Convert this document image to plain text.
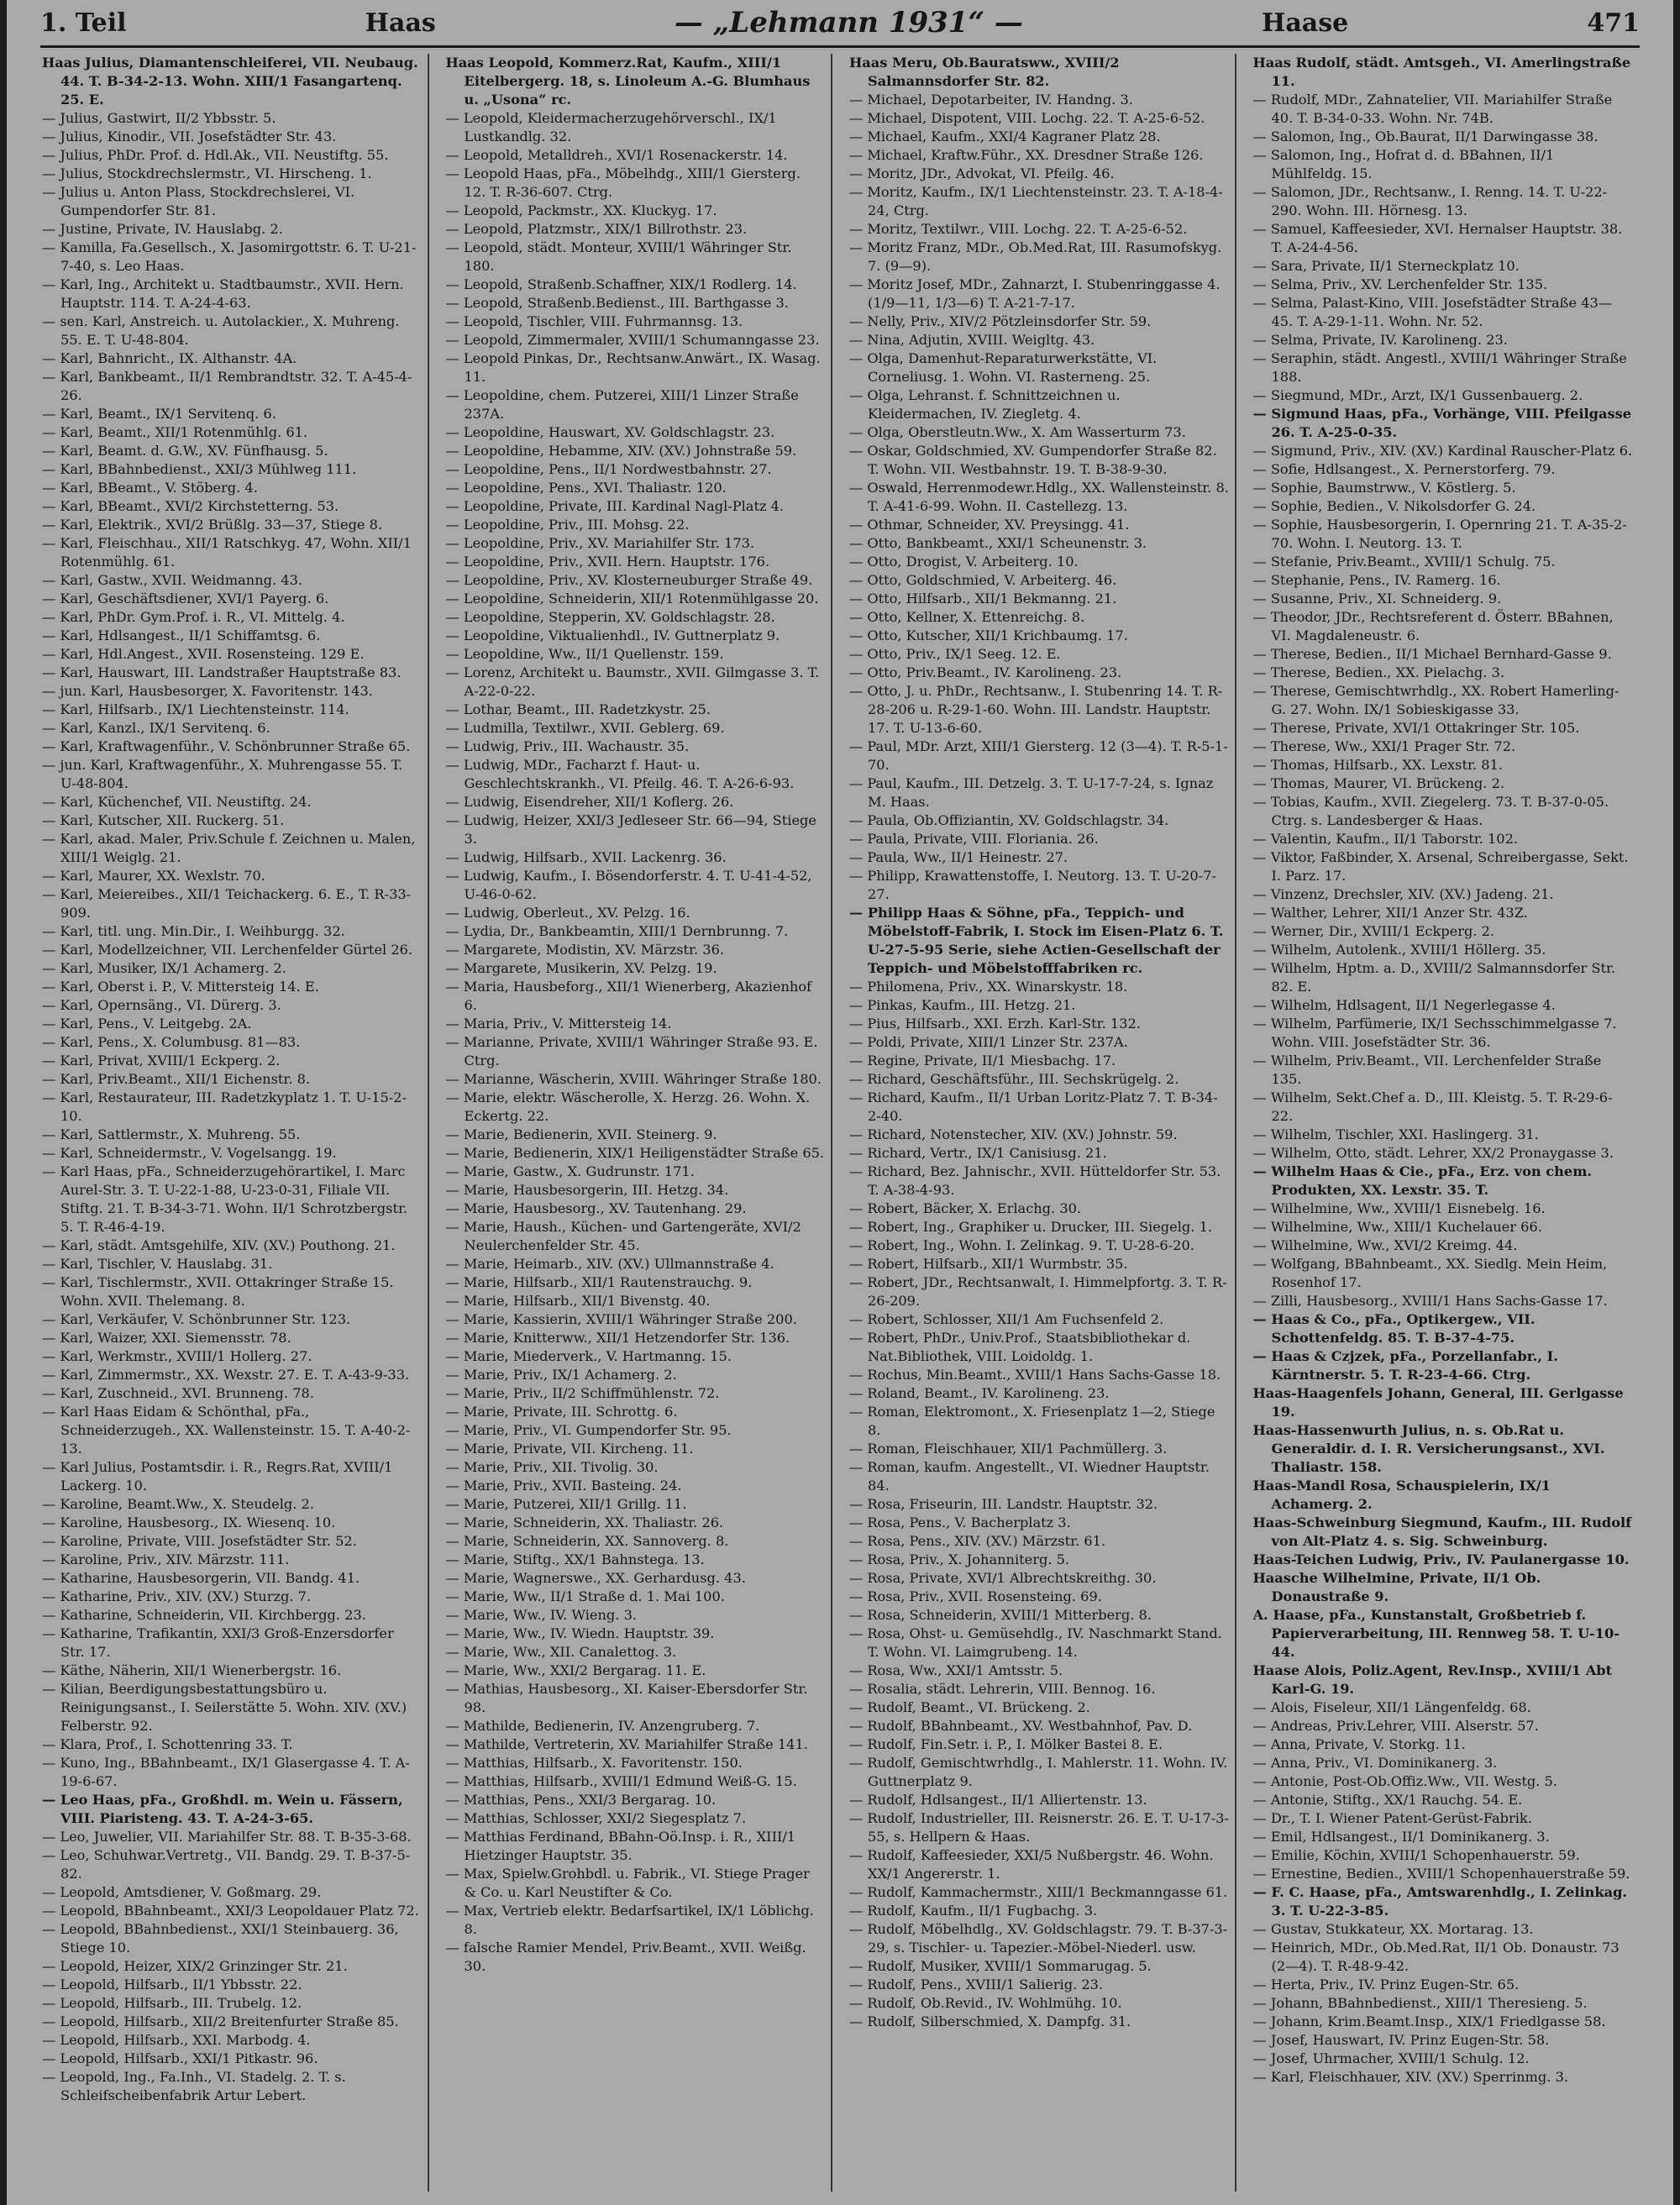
1. Teil	Haas	— „Lehmann 1931“ —	Haase	471

Haas Julius, Diamantenschleiferei, VII. Neubaug. 44. T. B-34-2-13. Wohn. XIII/1 Fasangartenq. 25. E.

— Julius, Gastwirt, II/2 Ybbsstr. 5.

— Julius, Kinodir., VII. Josefstädter Str. 43.

— Julius, PhDr. Prof. d. Hdl.Ak., VII. Neustiftg. 55.

— Julius, Stockdrechslermstr., VI. Hirscheng. 1.

— Julius u. Anton Plass, Stockdrechslerei, VI. Gumpendorfer Str. 81.

— Justine, Private, IV. Hauslabg. 2.

— Kamilla, Fa.Gesellsch., X. Jasomirgottstr. 6. T. U-21-7-40, s. Leo Haas.

— Karl, Ing., Architekt u. Stadtbaumstr., XVII. Hern. Hauptstr. 114. T. A-24-4-63.

— sen. Karl, Anstreich. u. Autolackier., X. Muhreng. 55. E. T. U-48-804.

— Karl, Bahnricht., IX. Althanstr. 4A.

— Karl, Bankbeamt., II/1 Rembrandtstr. 32. T. A-45-4-26.

— Karl, Beamt., IX/1 Servitenq. 6.

— Karl, Beamt., XII/1 Rotenmühlg. 61.

— Karl, Beamt. d. G.W., XV. Fünfhausg. 5.

— Karl, BBahnbedienst., XXI/3 Mühlweg 111.

— Karl, BBeamt., V. Stöberg. 4.

— Karl, BBeamt., XVI/2 Kirchstetterng. 53.

— Karl, Elektrik., XVI/2 Brüßlg. 33—37, Stiege 8.

— Karl, Fleischhau., XII/1 Ratschkyg. 47, Wohn. XII/1 Rotenmühlg. 61.

— Karl, Gastw., XVII. Weidmanng. 43.

— Karl, Geschäftsdiener, XVI/1 Payerg. 6.

— Karl, PhDr. Gym.Prof. i. R., VI. Mittelg. 4.

— Karl, Hdlsangest., II/1 Schiffamtsg. 6.

— Karl, Hdl.Angest., XVII. Rosensteing. 129 E.

— Karl, Hauswart, III. Landstraßer Hauptstraße 83.

— jun. Karl, Hausbesorger, X. Favoritenstr. 143.

— Karl, Hilfsarb., IX/1 Liechtensteinstr. 114.

— Karl, Kanzl., IX/1 Servitenq. 6.

— Karl, Kraftwagenführ., V. Schönbrunner Straße 65.

— jun. Karl, Kraftwagenführ., X. Muhrengasse 55. T. U-48-804.

— Karl, Küchenchef, VII. Neustiftg. 24.

— Karl, Kutscher, XII. Ruckerg. 51.

— Karl, akad. Maler, Priv.Schule f. Zeichnen u. Malen, XIII/1 Weiglg. 21.

— Karl, Maurer, XX. Wexlstr. 70.

— Karl, Meiereibes., XII/1 Teichackerg. 6. E., T. R-33-909.

— Karl, titl. ung. Min.Dir., I. Weihburgg. 32.

— Karl, Modellzeichner, VII. Lerchenfelder Gürtel 26.

— Karl, Musiker, IX/1 Achamerg. 2.

— Karl, Oberst i. P., V. Mittersteig 14. E.

— Karl, Opernsäng., VI. Dürerg. 3.

— Karl, Pens., V. Leitgebg. 2A.

— Karl, Pens., X. Columbusg. 81—83.

— Karl, Privat, XVIII/1 Eckperg. 2.

— Karl, Priv.Beamt., XII/1 Eichenstr. 8.

— Karl, Restaurateur, III. Radetzkyplatz 1. T. U-15-2-10.

— Karl, Sattlermstr., X. Muhreng. 55.

— Karl, Schneidermstr., V. Vogelsangg. 19.

— Karl Haas, pFa., Schneiderzugehörartikel, I. Marc Aurel-Str. 3. T. U-22-1-88, U-23-0-31, Filiale VII. Stiftg. 21. T. B-34-3-71. Wohn. II/1 Schrotzbergstr. 5. T. R-46-4-19.

— Karl, städt. Amtsgehilfe, XIV. (XV.) Pouthong. 21.

— Karl, Tischler, V. Hauslabg. 31.

— Karl, Tischlermstr., XVII. Ottakringer Straße 15. Wohn. XVII. Thelemang. 8.

— Karl, Verkäufer, V. Schönbrunner Str. 123.

— Karl, Waizer, XXI. Siemensstr. 78.

— Karl, Werkmstr., XVIII/1 Hollerg. 27.

— Karl, Zimmermstr., XX. Wexstr. 27. E. T. A-43-9-33.

— Karl, Zuschneid., XVI. Brunneng. 78.

— Karl Haas Eidam & Schönthal, pFa., Schneiderzugeh., XX. Wallensteinstr. 15. T. A-40-2-13.

— Karl Julius, Postamtsdir. i. R., Regrs.Rat, XVIII/1 Lackerg. 10.

— Karoline, Beamt.Ww., X. Steudelg. 2.

— Karoline, Hausbesorg., IX. Wiesenq. 10.

— Karoline, Private, VIII. Josefstädter Str. 52.

— Karoline, Priv., XIV. Märzstr. 111.

— Katharine, Hausbesorgerin, VII. Bandg. 41.

— Katharine, Priv., XIV. (XV.) Sturzg. 7.

— Katharine, Schneiderin, VII. Kirchbergg. 23.

— Katharine, Trafikantin, XXI/3 Groß-Enzersdorfer Str. 17.

— Käthe, Näherin, XII/1 Wienerbergstr. 16.

— Kilian, Beerdigungsbestattungsbüro u. Reinigungsanst., I. Seilerstätte 5. Wohn. XIV. (XV.) Felberstr. 92.

— Klara, Prof., I. Schottenring 33. T.

— Kuno, Ing., BBahnbeamt., IX/1 Glasergasse 4. T. A-19-6-67.

— Leo Haas, pFa., Großhdl. m. Wein u. Fässern, VIII. Piaristeng. 43. T. A-24-3-65.

— Leo, Juwelier, VII. Mariahilfer Str. 88. T. B-35-3-68.

— Leo, Schuhwar.Vertretg., VII. Bandg. 29. T. B-37-5-82.

— Leopold, Amtsdiener, V. Goßmarg. 29.

— Leopold, BBahnbeamt., XXI/3 Leopoldauer Platz 72.

— Leopold, BBahnbedienst., XXI/1 Steinbauerg. 36, Stiege 10.

— Leopold, Heizer, XIX/2 Grinzinger Str. 21.

— Leopold, Hilfsarb., II/1 Ybbsstr. 22.

— Leopold, Hilfsarb., III. Trubelg. 12.

— Leopold, Hilfsarb., XII/2 Breitenfurter Straße 85.

— Leopold, Hilfsarb., XXI. Marbodg. 4.

— Leopold, Hilfsarb., XXI/1 Pitkastr. 96.

— Leopold, Ing., Fa.Inh., VI. Stadelg. 2. T. s. Schleifscheibenfabrik Artur Lebert.

Haas Leopold, Kommerz.Rat, Kaufm., XIII/1 Eitelbergerg. 18, s. Linoleum A.-G. Blumhaus u. „Usona“ rc.

— Leopold, Kleidermacherzugehörverschl., IX/1 Lustkandlg. 32.

— Leopold, Metalldreh., XVI/1 Rosenackerstr. 14.

— Leopold Haas, pFa., Möbelhdg., XIII/1 Giersterg. 12. T. R-36-607. Ctrg.

— Leopold, Packmstr., XX. Kluckyg. 17.

— Leopold, Platzmstr., XIX/1 Billrothstr. 23.

— Leopold, städt. Monteur, XVIII/1 Währinger Str. 180.

— Leopold, Straßenb.Schaffner, XIX/1 Rodlerg. 14.

— Leopold, Straßenb.Bedienst., III. Barthgasse 3.

— Leopold, Tischler, VIII. Fuhrmannsg. 13.

— Leopold, Zimmermaler, XVIII/1 Schumanngasse 23.

— Leopold Pinkas, Dr., Rechtsanw.Anwärt., IX. Wasag. 11.

— Leopoldine, chem. Putzerei, XIII/1 Linzer Straße 237A.

— Leopoldine, Hauswart, XV. Goldschlagstr. 23.

— Leopoldine, Hebamme, XIV. (XV.) Johnstraße 59.

— Leopoldine, Pens., II/1 Nordwestbahnstr. 27.

— Leopoldine, Pens., XVI. Thaliastr. 120.

— Leopoldine, Private, III. Kardinal Nagl-Platz 4.

— Leopoldine, Priv., III. Mohsg. 22.

— Leopoldine, Priv., XV. Mariahilfer Str. 173.

— Leopoldine, Priv., XVII. Hern. Hauptstr. 176.

— Leopoldine, Priv., XV. Klosterneuburger Straße 49.

— Leopoldine, Schneiderin, XII/1 Rotenmühlgasse 20.

— Leopoldine, Stepperin, XV. Goldschlagstr. 28.

— Leopoldine, Viktualienhdl., IV. Guttnerplatz 9.

— Leopoldine, Ww., II/1 Quellenstr. 159.

— Lorenz, Architekt u. Baumstr., XVII. Gilmgasse 3. T. A-22-0-22.

— Lothar, Beamt., III. Radetzkystr. 25.

— Ludmilla, Textilwr., XVII. Geblerg. 69.

— Ludwig, Priv., III. Wachaustr. 35.

— Ludwig, MDr., Facharzt f. Haut- u. Geschlechtskrankh., VI. Pfeilg. 46. T. A-26-6-93.

— Ludwig, Eisendreher, XII/1 Koflerg. 26.

— Ludwig, Heizer, XXI/3 Jedleseer Str. 66—94, Stiege 3.

— Ludwig, Hilfsarb., XVII. Lackenrg. 36.

— Ludwig, Kaufm., I. Bösendorferstr. 4. T. U-41-4-52, U-46-0-62.

— Ludwig, Oberleut., XV. Pelzg. 16.

— Lydia, Dr., Bankbeamtin, XIII/1 Dernbrunng. 7.

— Margarete, Modistin, XV. Märzstr. 36.

— Margarete, Musikerin, XV. Pelzg. 19.

— Maria, Hausbeforg., XII/1 Wienerberg, Akazienhof 6.

— Maria, Priv., V. Mittersteig 14.

— Marianne, Private, XVIII/1 Währinger Straße 93. E. Ctrg.

— Marianne, Wäscherin, XVIII. Währinger Straße 180.

— Marie, elektr. Wäscherolle, X. Herzg. 26. Wohn. X. Eckertg. 22.

— Marie, Bedienerin, XVII. Steinerg. 9.

— Marie, Bedienerin, XIX/1 Heiligenstädter Straße 65.

— Marie, Gastw., X. Gudrunstr. 171.

— Marie, Hausbesorgerin, III. Hetzg. 34.

— Marie, Hausbesorg., XV. Tautenhang. 29.

— Marie, Haush., Küchen- und Gartengeräte, XVI/2 Neulerchenfelder Str. 45.

— Marie, Heimarb., XIV. (XV.) Ullmannstraße 4.

— Marie, Hilfsarb., XII/1 Rautenstrauchg. 9.

— Marie, Hilfsarb., XII/1 Bivenstg. 40.

— Marie, Kassierin, XVIII/1 Währinger Straße 200.

— Marie, Knitterww., XII/1 Hetzendorfer Str. 136.

— Marie, Miederverk., V. Hartmanng. 15.

— Marie, Priv., IX/1 Achamerg. 2.

— Marie, Priv., II/2 Schiffmühlenstr. 72.

— Marie, Private, III. Schrottg. 6.

— Marie, Priv., VI. Gumpendorfer Str. 95.

— Marie, Private, VII. Kircheng. 11.

— Marie, Priv., XII. Tivolig. 30.

— Marie, Priv., XVII. Basteing. 24.

— Marie, Putzerei, XII/1 Grillg. 11.

— Marie, Schneiderin, XX. Thaliastr. 26.

— Marie, Schneiderin, XX. Sannoverg. 8.

— Marie, Stiftg., XX/1 Bahnstega. 13.

— Marie, Wagnerswe., XX. Gerhardusg. 43.

— Marie, Ww., II/1 Straße d. 1. Mai 100.

— Marie, Ww., IV. Wieng. 3.

— Marie, Ww., IV. Wiedn. Hauptstr. 39.

— Marie, Ww., XII. Canalettog. 3.

— Marie, Ww., XXI/2 Bergarag. 11. E.

— Mathias, Hausbesorg., XI. Kaiser-Ebersdorfer Str. 98.

— Mathilde, Bedienerin, IV. Anzengruberg. 7.

— Mathilde, Vertreterin, XV. Mariahilfer Straße 141.

— Matthias, Hilfsarb., X. Favoritenstr. 150.

— Matthias, Hilfsarb., XVIII/1 Edmund Weiß-G. 15.

— Matthias, Pens., XXI/3 Bergarag. 10.

— Matthias, Schlosser, XXI/2 Siegesplatz 7.

— Matthias Ferdinand, BBahn-Oö.Insp. i. R., XIII/1 Hietzinger Hauptstr. 35.

— Max, Spielw.Grohbdl. u. Fabrik., VI. Stiege Prager & Co. u. Karl Neustifter & Co.

— Max, Vertrieb elektr. Bedarfsartikel, IX/1 Löblichg. 8.

— falsche Ramier Mendel, Priv.Beamt., XVII. Weißg. 30.

Haas Meru, Ob.Bauratsww., XVIII/2 Salmannsdorfer Str. 82.

— Michael, Depotarbeiter, IV. Handng. 3.

— Michael, Dispotent, VIII. Lochg. 22. T. A-25-6-52.

— Michael, Kaufm., XXI/4 Kagraner Platz 28.

— Michael, Kraftw.Führ., XX. Dresdner Straße 126.

— Moritz, JDr., Advokat, VI. Pfeilg. 46.

— Moritz, Kaufm., IX/1 Liechtensteinstr. 23. T. A-18-4-24, Ctrg.

— Moritz, Textilwr., VIII. Lochg. 22. T. A-25-6-52.

— Moritz Franz, MDr., Ob.Med.Rat, III. Rasumofskyg. 7. (9—9).

— Moritz Josef, MDr., Zahnarzt, I. Stubenringgasse 4. (1/9—11, 1/3—6) T. A-21-7-17.

— Nelly, Priv., XIV/2 Pötzleinsdorfer Str. 59.

— Nina, Adjutin, XVIII. Weigltg. 43.

— Olga, Damenhut-Reparaturwerkstätte, VI. Corneliusg. 1. Wohn. VI. Rasterneng. 25.

— Olga, Lehranst. f. Schnittzeichnen u. Kleidermachen, IV. Ziegletg. 4.

— Olga, Oberstleutn.Ww., X. Am Wasserturm 73.

— Oskar, Goldschmied, XV. Gumpendorfer Straße 82. T. Wohn. VII. Westbahnstr. 19. T. B-38-9-30.

— Oswald, Herrenmodewr.Hdlg., XX. Wallensteinstr. 8. T. A-41-6-99. Wohn. II. Castellezg. 13.

— Othmar, Schneider, XV. Preysingg. 41.

— Otto, Bankbeamt., XXI/1 Scheunenstr. 3.

— Otto, Drogist, V. Arbeiterg. 10.

— Otto, Goldschmied, V. Arbeiterg. 46.

— Otto, Hilfsarb., XII/1 Bekmanng. 21.

— Otto, Kellner, X. Ettenreichg. 8.

— Otto, Kutscher, XII/1 Krichbaumg. 17.

— Otto, Priv., IX/1 Seeg. 12. E.

— Otto, Priv.Beamt., IV. Karolineng. 23.

— Otto, J. u. PhDr., Rechtsanw., I. Stubenring 14. T. R-28-206 u. R-29-1-60. Wohn. III. Landstr. Hauptstr. 17. T. U-13-6-60.

— Paul, MDr. Arzt, XIII/1 Giersterg. 12 (3—4). T. R-5-1-70.

— Paul, Kaufm., III. Detzelg. 3. T. U-17-7-24, s. Ignaz M. Haas.

— Paula, Ob.Offiziantin, XV. Goldschlagstr. 34.

— Paula, Private, VIII. Floriania. 26.

— Paula, Ww., II/1 Heinestr. 27.

— Philipp, Krawattenstoffe, I. Neutorg. 13. T. U-20-7-27.

— Philipp Haas & Söhne, pFa., Teppich- und Möbelstoff-Fabrik, I. Stock im Eisen-Platz 6. T. U-27-5-95 Serie, siehe Actien-Gesellschaft der Teppich- und Möbelstofffabriken rc.

— Philomena, Priv., XX. Winarskystr. 18.

— Pinkas, Kaufm., III. Hetzg. 21.

— Pius, Hilfsarb., XXI. Erzh. Karl-Str. 132.

— Poldi, Private, XIII/1 Linzer Str. 237A.

— Regine, Private, II/1 Miesbachg. 17.

— Richard, Geschäftsführ., III. Sechskrügelg. 2.

— Richard, Kaufm., II/1 Urban Loritz-Platz 7. T. B-34-2-40.

— Richard, Notenstecher, XIV. (XV.) Johnstr. 59.

— Richard, Vertr., IX/1 Canisiusg. 21.

— Richard, Bez. Jahnischr., XVII. Hütteldorfer Str. 53. T. A-38-4-93.

— Robert, Bäcker, X. Erlachg. 30.

— Robert, Ing., Graphiker u. Drucker, III. Siegelg. 1.

— Robert, Ing., Wohn. I. Zelinkag. 9. T. U-28-6-20.

— Robert, Hilfsarb., XII/1 Wurmbstr. 35.

— Robert, JDr., Rechtsanwalt, I. Himmelpfortg. 3. T. R-26-209.

— Robert, Schlosser, XII/1 Am Fuchsenfeld 2.

— Robert, PhDr., Univ.Prof., Staatsbibliothekar d. Nat.Bibliothek, VIII. Loidoldg. 1.

— Rochus, Min.Beamt., XVIII/1 Hans Sachs-Gasse 18.

— Roland, Beamt., IV. Karolineng. 23.

— Roman, Elektromont., X. Friesenplatz 1—2, Stiege 8.

— Roman, Fleischhauer, XII/1 Pachmüllerg. 3.

— Roman, kaufm. Angestellt., VI. Wiedner Hauptstr. 84.

— Rosa, Friseurin, III. Landstr. Hauptstr. 32.

— Rosa, Pens., V. Bacherplatz 3.

— Rosa, Pens., XIV. (XV.) Märzstr. 61.

— Rosa, Priv., X. Johanniterg. 5.

— Rosa, Private, XVI/1 Albrechtskreithg. 30.

— Rosa, Priv., XVII. Rosensteing. 69.

— Rosa, Schneiderin, XVIII/1 Mitterberg. 8.

— Rosa, Ohst- u. Gemüsehdlg., IV. Naschmarkt Stand. T. Wohn. VI. Laimgrubeng. 14.

— Rosa, Ww., XXI/1 Amtsstr. 5.

— Rosalia, städt. Lehrerin, VIII. Bennog. 16.

— Rudolf, Beamt., VI. Brückeng. 2.

— Rudolf, BBahnbeamt., XV. Westbahnhof, Pav. D.

— Rudolf, Fin.Setr. i. P., I. Mölker Bastei 8. E.

— Rudolf, Gemischtwrhdlg., I. Mahlerstr. 11. Wohn. IV. Guttnerplatz 9.

— Rudolf, Hdlsangest., II/1 Alliertenstr. 13.

— Rudolf, Industrieller, III. Reisnerstr. 26. E. T. U-17-3-55, s. Hellpern & Haas.

— Rudolf, Kaffeesieder, XXI/5 Nußbergstr. 46. Wohn. XX/1 Angererstr. 1.

— Rudolf, Kammachermstr., XIII/1 Beckmanngasse 61.

— Rudolf, Kaufm., II/1 Fugbachg. 3.

— Rudolf, Möbelhdlg., XV. Goldschlagstr. 79. T. B-37-3-29, s. Tischler- u. Tapezier.-Möbel-Niederl. usw.

— Rudolf, Musiker, XVIII/1 Sommarugag. 5.

— Rudolf, Pens., XVIII/1 Salierig. 23.

— Rudolf, Ob.Revid., IV. Wohlmühg. 10.

— Rudolf, Silberschmied, X. Dampfg. 31.

Haas Rudolf, städt. Amtsgeh., VI. Amerlingstraße 11.

— Rudolf, MDr., Zahnatelier, VII. Mariahilfer Straße 40. T. B-34-0-33. Wohn. Nr. 74B.

— Salomon, Ing., Ob.Baurat, II/1 Darwingasse 38.

— Salomon, Ing., Hofrat d. d. BBahnen, II/1 Mühlfeldg. 15.

— Salomon, JDr., Rechtsanw., I. Renng. 14. T. U-22-290. Wohn. III. Hörnesg. 13.

— Samuel, Kaffeesieder, XVI. Hernalser Hauptstr. 38. T. A-24-4-56.

— Sara, Private, II/1 Sterneckplatz 10.

— Selma, Priv., XV. Lerchenfelder Str. 135.

— Selma, Palast-Kino, VIII. Josefstädter Straße 43—45. T. A-29-1-11. Wohn. Nr. 52.

— Selma, Private, IV. Karolineng. 23.

— Seraphin, städt. Angestl., XVIII/1 Währinger Straße 188.

— Siegmund, MDr., Arzt, IX/1 Gussenbauerg. 2.

— Sigmund Haas, pFa., Vorhänge, VIII. Pfeilgasse 26. T. A-25-0-35.

— Sigmund, Priv., XIV. (XV.) Kardinal Rauscher-Platz 6.

— Sofie, Hdlsangest., X. Pernerstorferg. 79.

— Sophie, Baumstrww., V. Köstlerg. 5.

— Sophie, Bedien., V. Nikolsdorfer G. 24.

— Sophie, Hausbesorgerin, I. Opernring 21. T. A-35-2-70. Wohn. I. Neutorg. 13. T.

— Stefanie, Priv.Beamt., XVIII/1 Schulg. 75.

— Stephanie, Pens., IV. Ramerg. 16.

— Susanne, Priv., XI. Schneiderg. 9.

— Theodor, JDr., Rechtsreferent d. Österr. BBahnen, VI. Magdaleneustr. 6.

— Therese, Bedien., II/1 Michael Bernhard-Gasse 9.

— Therese, Bedien., XX. Pielachg. 3.

— Therese, Gemischtwrhdlg., XX. Robert Hamerling-G. 27. Wohn. IX/1 Sobieskigasse 33.

— Therese, Private, XVI/1 Ottakringer Str. 105.

— Therese, Ww., XXI/1 Prager Str. 72.

— Thomas, Hilfsarb., XX. Lexstr. 81.

— Thomas, Maurer, VI. Brückeng. 2.

— Tobias, Kaufm., XVII. Ziegelerg. 73. T. B-37-0-05. Ctrg. s. Landesberger & Haas.

— Valentin, Kaufm., II/1 Taborstr. 102.

— Viktor, Faßbinder, X. Arsenal, Schreibergasse, Sekt. I. Parz. 17.

— Vinzenz, Drechsler, XIV. (XV.) Jadeng. 21.

— Walther, Lehrer, XII/1 Anzer Str. 43Z.

— Werner, Dir., XVIII/1 Eckperg. 2.

— Wilhelm, Autolenk., XVIII/1 Höllerg. 35.

— Wilhelm, Hptm. a. D., XVIII/2 Salmannsdorfer Str. 82. E.

— Wilhelm, Hdlsagent, II/1 Negerlegasse 4.

— Wilhelm, Parfümerie, IX/1 Sechsschimmelgasse 7. Wohn. VIII. Josefstädter Str. 36.

— Wilhelm, Priv.Beamt., VII. Lerchenfelder Straße 135.

— Wilhelm, Sekt.Chef a. D., III. Kleistg. 5. T. R-29-6-22.

— Wilhelm, Tischler, XXI. Haslingerg. 31.

— Wilhelm, Otto, städt. Lehrer, XX/2 Pronaygasse 3.

— Wilhelm Haas & Cie., pFa., Erz. von chem. Produkten, XX. Lexstr. 35. T.

— Wilhelmine, Ww., XVIII/1 Eisnebelg. 16.

— Wilhelmine, Ww., XIII/1 Kuchelauer 66.

— Wilhelmine, Ww., XVI/2 Kreimg. 44.

— Wolfgang, BBahnbeamt., XX. Siedlg. Mein Heim, Rosenhof 17.

— Zilli, Hausbesorg., XVIII/1 Hans Sachs-Gasse 17.

— Haas & Co., pFa., Optikergew., VII. Schottenfeldg. 85. T. B-37-4-75.

— Haas & Czjzek, pFa., Porzellanfabr., I. Kärntnerstr. 5. T. R-23-4-66. Ctrg.

Haas-Haagenfels Johann, General, III. Gerlgasse 19.

Haas-Hassenwurth Julius, n. s. Ob.Rat u. Generaldir. d. I. R. Versicherungsanst., XVI. Thaliastr. 158.

Haas-Mandl Rosa, Schauspielerin, IX/1 Achamerg. 2.

Haas-Schweinburg Siegmund, Kaufm., III. Rudolf von Alt-Platz 4. s. Sig. Schweinburg.

Haas-Teichen Ludwig, Priv., IV. Paulanergasse 10.

Haasche Wilhelmine, Private, II/1 Ob. Donaustraße 9.

A. Haase, pFa., Kunstanstalt, Großbetrieb f. Papierverarbeitung, III. Rennweg 58. T. U-10-44.

Haase Alois, Poliz.Agent, Rev.Insp., XVIII/1 Abt Karl-G. 19.

— Alois, Fiseleur, XII/1 Längenfeldg. 68.

— Andreas, Priv.Lehrer, VIII. Alserstr. 57.

— Anna, Private, V. Storkg. 11.

— Anna, Priv., VI. Dominikanerg. 3.

— Antonie, Post-Ob.Offiz.Ww., VII. Westg. 5.

— Antonie, Stiftg., XX/1 Rauchg. 54. E.

— Dr., T. I. Wiener Patent-Gerüst-Fabrik.

— Emil, Hdlsangest., II/1 Dominikanerg. 3.

— Emilie, Köchin, XVIII/1 Schopenhauerstr. 59.

— Ernestine, Bedien., XVIII/1 Schopenhauerstraße 59.

— F. C. Haase, pFa., Amtswarenhdlg., I. Zelinkag. 3. T. U-22-3-85.

— Gustav, Stukkateur, XX. Mortarag. 13.

— Heinrich, MDr., Ob.Med.Rat, II/1 Ob. Donaustr. 73 (2—4). T. R-48-9-42.

— Herta, Priv., IV. Prinz Eugen-Str. 65.

— Johann, BBahnbedienst., XIII/1 Theresieng. 5.

— Johann, Krim.Beamt.Insp., XIX/1 Friedlgasse 58.

— Josef, Hauswart, IV. Prinz Eugen-Str. 58.

— Josef, Uhrmacher, XVIII/1 Schulg. 12.

— Karl, Fleischhauer, XIV. (XV.) Sperrinmg. 3.
